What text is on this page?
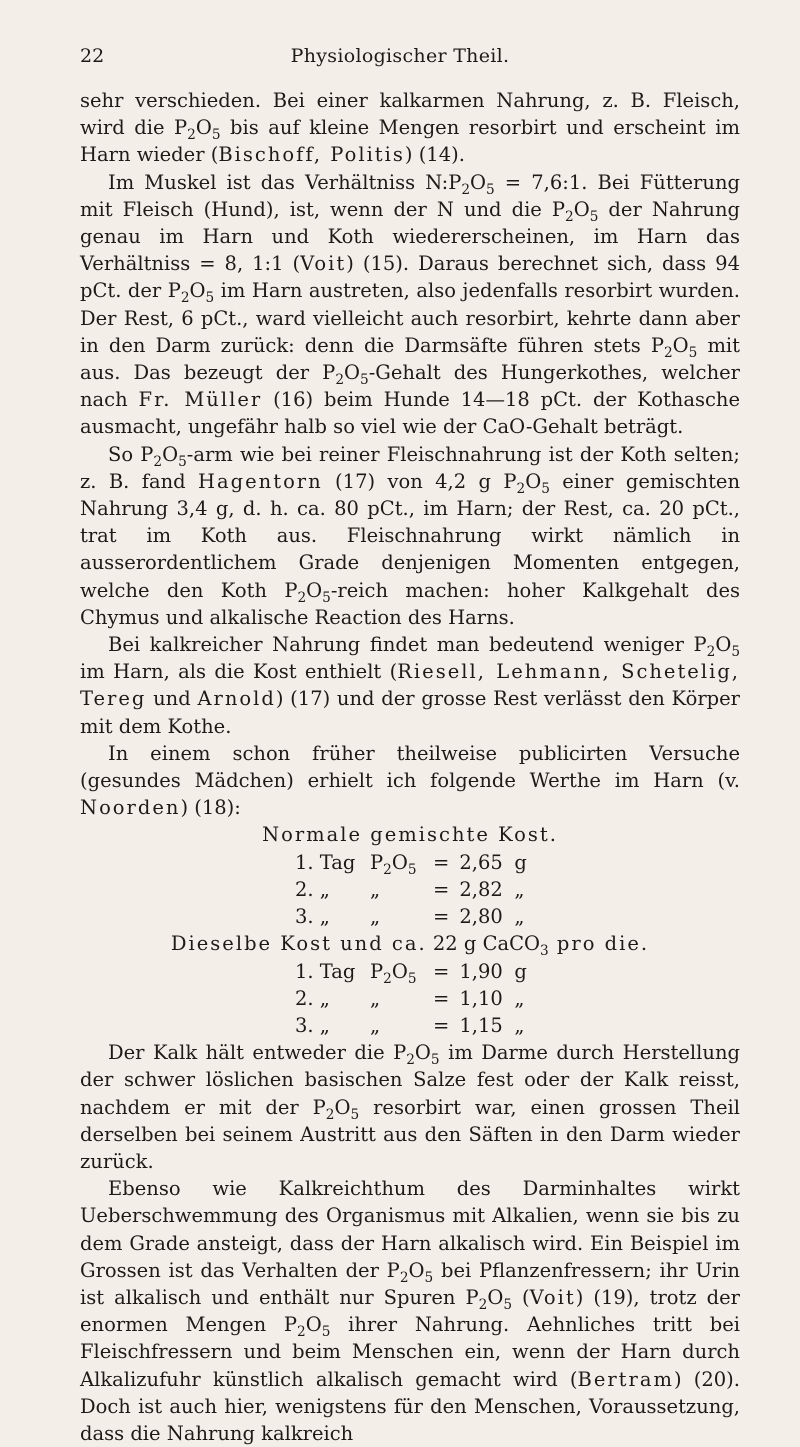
22	Physiologischer Theil.

sehr verschieden. Bei einer kalkarmen Nahrung, z. B. Fleisch, wird die $P_2O_5$ bis auf kleine Mengen resorbirt und erscheint im Harn wieder (Bischoff, Politis) (14).

Im Muskel ist das Verhältniss $N:P_2O_5$ = 7,6:1. Bei Fütterung mit Fleisch (Hund), ist, wenn der N und die $P_2O_5$ der Nahrung genau im Harn und Koth wiedererscheinen, im Harn das Verhältniss = 8, 1:1 (Voit) (15). Daraus berechnet sich, dass 94 pCt. der $P_2O_5$ im Harn austreten, also jedenfalls resorbirt wurden. Der Rest, 6 pCt., ward vielleicht auch resorbirt, kehrte dann aber in den Darm zurück: denn die Darmsäfte führen stets $P_2O_5$ mit aus. Das bezeugt der $P_2O_5$-Gehalt des Hungerkothes, welcher nach Fr. Müller (16) beim Hunde 14—18 pCt. der Kothasche ausmacht, ungefähr halb so viel wie der CaO-Gehalt beträgt.

So $P_2O_5$-arm wie bei reiner Fleischnahrung ist der Koth selten; z. B. fand Hagentorn (17) von 4,2 g $P_2O_5$ einer gemischten Nahrung 3,4 g, d. h. ca. 80 pCt., im Harn; der Rest, ca. 20 pCt., trat im Koth aus. Fleischnahrung wirkt nämlich in ausserordentlichem Grade denjenigen Momenten entgegen, welche den Koth $P_2O_5$-reich machen: hoher Kalkgehalt des Chymus und alkalische Reaction des Harns.

Bei kalkreicher Nahrung findet man bedeutend weniger $P_2O_5$ im Harn, als die Kost enthielt (Riesell, Lehmann, Schetelig, Tereg und Arnold) (17) und der grosse Rest verlässt den Körper mit dem Kothe.

In einem schon früher theilweise publicirten Versuche (gesundes Mädchen) erhielt ich folgende Werthe im Harn (v. Noorden) (18):

Normale gemischte Kost.

1. Tag	$P_2O_5$	=	2,65	g
2. „	„	=	2,82	„
3. „	„	=	2,80	„

Dieselbe Kost und ca. 22 g CaCO$_3$ pro die.

1. Tag	$P_2O_5$	=	1,90	g
2. „	„	=	1,10	„
3. „	„	=	1,15	„

Der Kalk hält entweder die $P_2O_5$ im Darme durch Herstellung der schwer löslichen basischen Salze fest oder der Kalk reisst, nachdem er mit der $P_2O_5$ resorbirt war, einen grossen Theil derselben bei seinem Austritt aus den Säften in den Darm wieder zurück.

Ebenso wie Kalkreichthum des Darminhaltes wirkt Ueberschwemmung des Organismus mit Alkalien, wenn sie bis zu dem Grade ansteigt, dass der Harn alkalisch wird. Ein Beispiel im Grossen ist das Verhalten der $P_2O_5$ bei Pflanzenfressern; ihr Urin ist alkalisch und enthält nur Spuren $P_2O_5$ (Voit) (19), trotz der enormen Mengen $P_2O_5$ ihrer Nahrung. Aehnliches tritt bei Fleischfressern und beim Menschen ein, wenn der Harn durch Alkalizufuhr künstlich alkalisch gemacht wird (Bertram) (20). Doch ist auch hier, wenigstens für den Menschen, Voraussetzung, dass die Nahrung kalkreich
